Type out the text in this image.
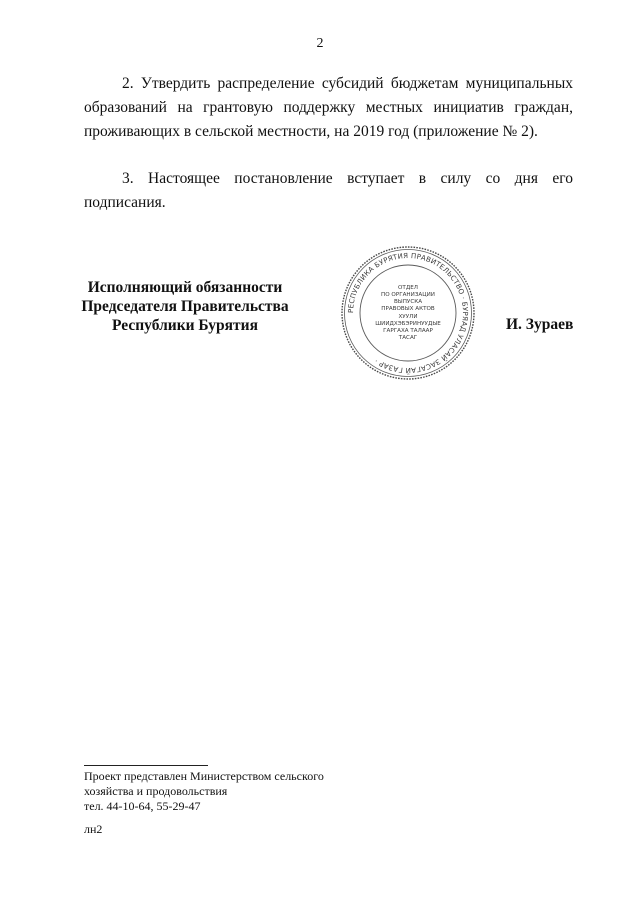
2
2. Утвердить распределение субсидий бюджетам муниципальных образований на грантовую поддержку местных инициатив граждан, проживающих в сельской местности, на 2019 год (приложение № 2).
3. Настоящее постановление вступает в силу со дня его подписания.
Исполняющий обязанности
Председателя Правительства
Республики Бурятия
РЕСПУБЛИКА БУРЯТИЯ ПРАВИТЕЛЬСТВО · БУРЯАД УЛАСАЙ ЗАСАГАЙ ГАЗАР ·
ОТДЕЛ
ПО ОРГАНИЗАЦИИ
ВЫПУСКА
ПРАВОВЫХ АКТОВ
ХУУЛИ
ШИИДХЭБЭРИНУУДЫЕ
ГАРГАХА ТАЛААР
ТАСАГ
И. Зураев
Проект представлен Министерством сельского
хозяйства и продовольствия
тел. 44-10-64, 55-29-47
лн2
